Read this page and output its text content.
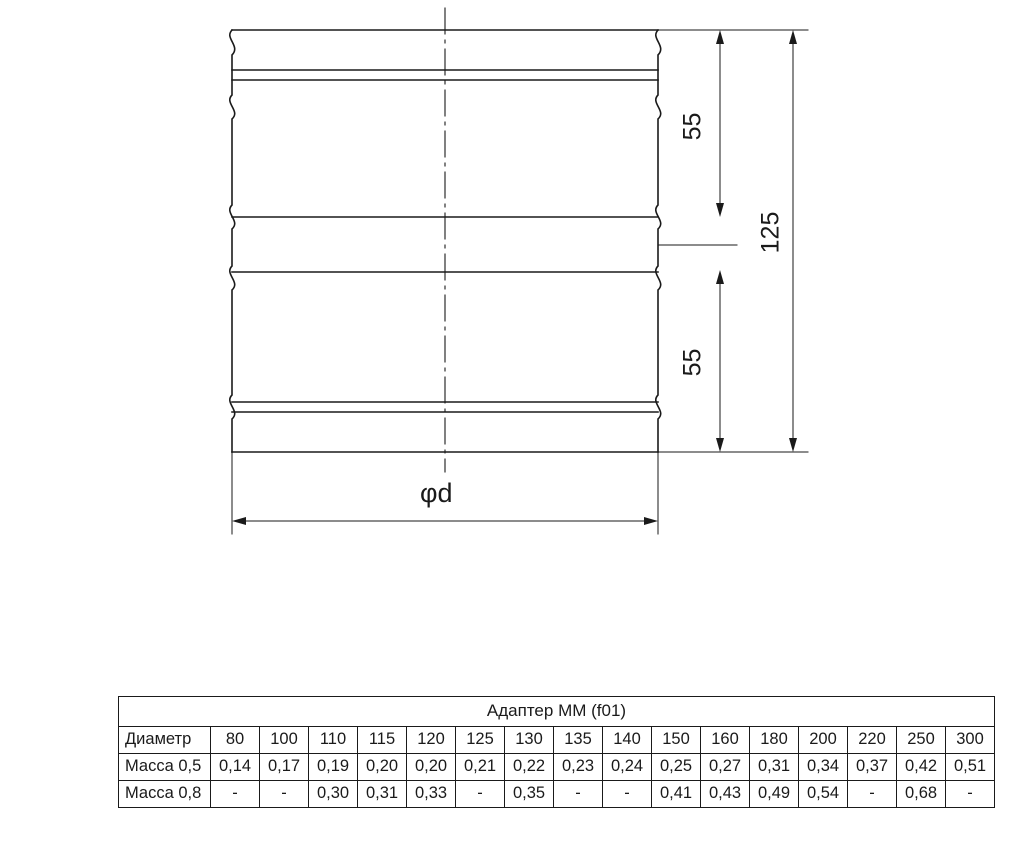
55
55
125
φd
Адаптер ММ (f01)																
Диаметр	80	100	110	115	120	125	130	135	140	150	160	180	200	220	250	300
Масса 0,5	0,14	0,17	0,19	0,20	0,20	0,21	0,22	0,23	0,24	0,25	0,27	0,31	0,34	0,37	0,42	0,51
Масса 0,8	-	-	0,30	0,31	0,33	-	0,35	-	-	0,41	0,43	0,49	0,54	-	0,68	-
